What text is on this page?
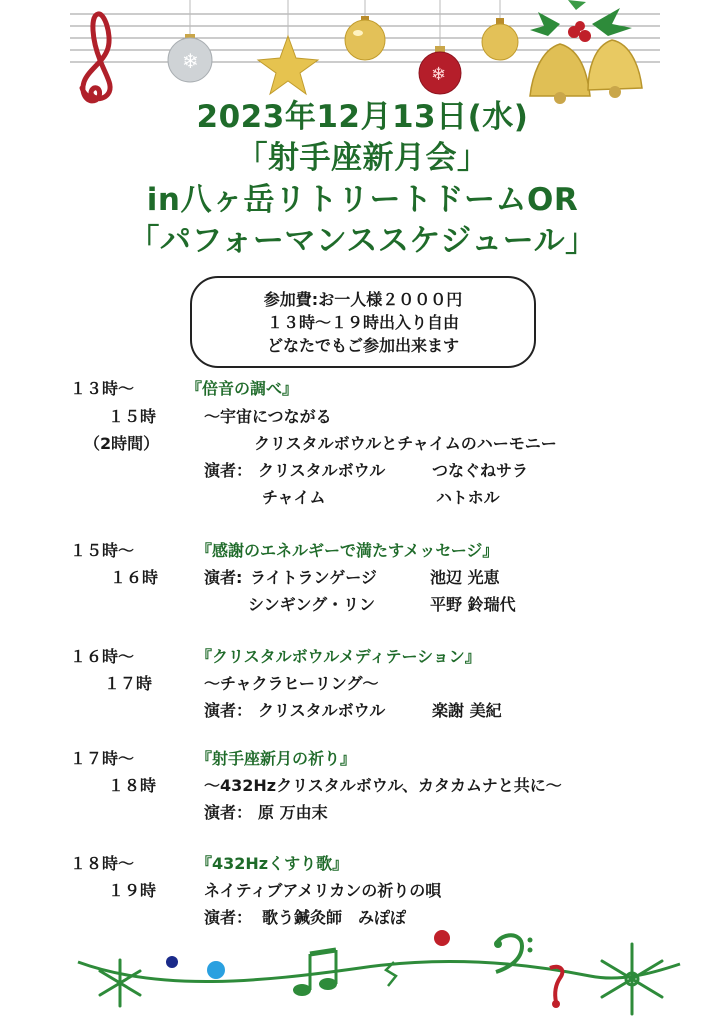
❄
❄
2023年12月13日(水)
「射手座新月会」
in八ヶ岳リトリートドームOR
「パフォーマンススケジュール」
参加費:お一人様２０００円
１３時〜１９時出入り自由
どなたでもご参加出来ます
１３時〜	『倍音の調べ』
１５時	〜宇宙につながる
（2時間）	クリスタルボウルとチャイムのハーモニー
演者： クリスタルボウル	つなぐねサラ
チャイム	ハトホル
１５時〜	『感謝のエネルギーで満たすメッセージ』
１６時	演者: ライトランゲージ	池辺 光恵
シンギング・リン	平野 鈴瑞代
１６時〜	『クリスタルボウルメディテーション』
１７時	〜チャクラヒーリング〜
演者： クリスタルボウル	楽謝 美紀
１７時〜	『射手座新月の祈り』
１８時	〜432Hzクリスタルボウル、カタカムナと共に〜
演者： 原 万由末
１８時〜	『432Hzくすり歌』
１９時	ネイティブアメリカンの祈りの唄
演者： 歌う鍼灸師　みぽぽ
